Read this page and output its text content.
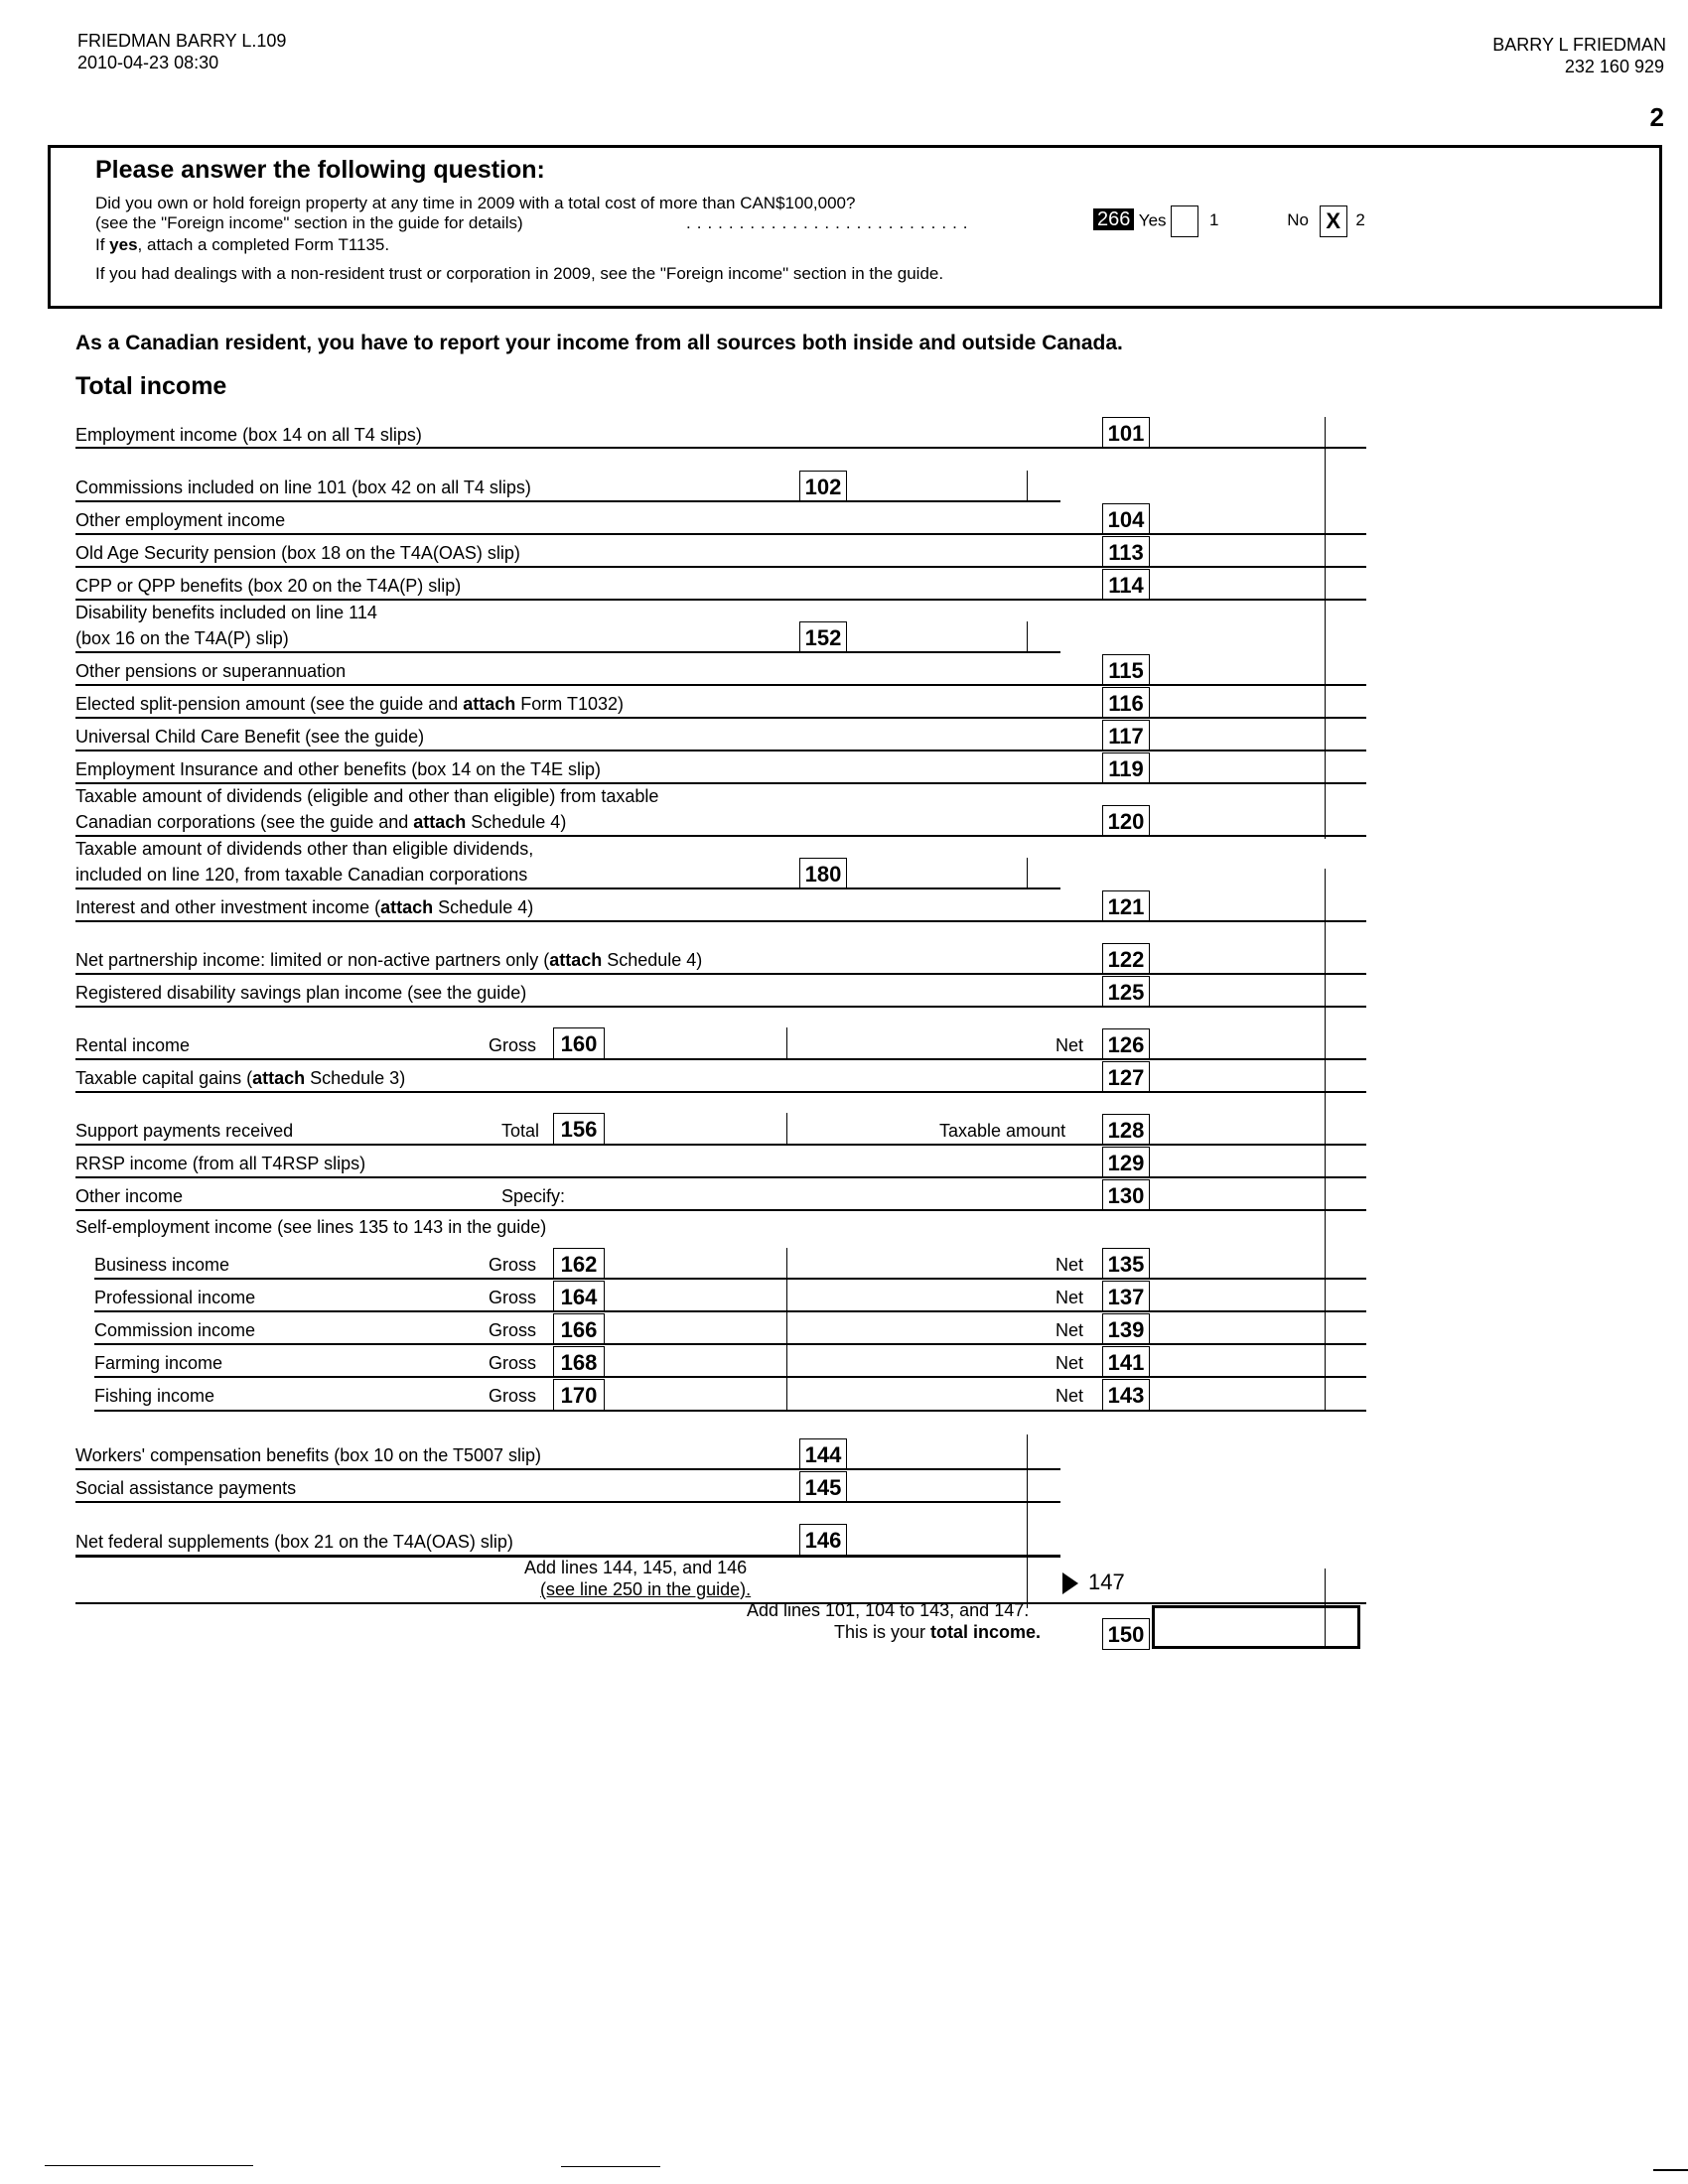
FRIEDMAN BARRY L.109
2010-04-23 08:30
BARRY L FRIEDMAN
232 160 929
2
Please answer the following question:
Did you own or hold foreign property at any time in 2009 with a total cost of more than CAN$100,000?
(see the "Foreign income" section in the guide for details)	...........................	266 Yes	1	No X 2
If yes, attach a completed Form T1135.
If you had dealings with a non-resident trust or corporation in 2009, see the "Foreign income" section in the guide.
As a Canadian resident, you have to report your income from all sources both inside and outside Canada.
Total income
Employment income (box 14 on all T4 slips)	101
Commissions included on line 101 (box 42 on all T4 slips)	102
Other employment income	104
Old Age Security pension (box 18 on the T4A(OAS) slip)	113
CPP or QPP benefits (box 20 on the T4A(P) slip)	114
Disability benefits included on line 114
(box 16 on the T4A(P) slip)	152
Other pensions or superannuation	115
Elected split-pension amount (see the guide and attach Form T1032)	116
Universal Child Care Benefit (see the guide)	117
Employment Insurance and other benefits (box 14 on the T4E slip)	119
Taxable amount of dividends (eligible and other than eligible) from taxable
Canadian corporations (see the guide and attach Schedule 4)	120
Taxable amount of dividends other than eligible dividends,
included on line 120, from taxable Canadian corporations	180
Interest and other investment income (attach Schedule 4)	121
Net partnership income: limited or non-active partners only (attach Schedule 4)	122
Registered disability savings plan income (see the guide)	125
Rental income	Gross	160	Net 126
Taxable capital gains (attach Schedule 3)	127
Support payments received	Total 156	Taxable amount 128
RRSP income (from all T4RSP slips)	129
Other income	Specify:	130
Self-employment income (see lines 135 to 143 in the guide)
Business income	Gross	162	Net 135
Professional income	Gross	164	Net 137
Commission income	Gross	166	Net 139
Farming income	Gross	168	Net 141
Fishing income	Gross	170	Net 143
Workers' compensation benefits (box 10 on the T5007 slip)	144
Social assistance payments	145
Net federal supplements (box 21 on the T4A(OAS) slip)	146
Add lines 144, 145, and 146
(see line 250 in the guide).	147
Add lines 101, 104 to 143, and 147.
This is your total income.	150
